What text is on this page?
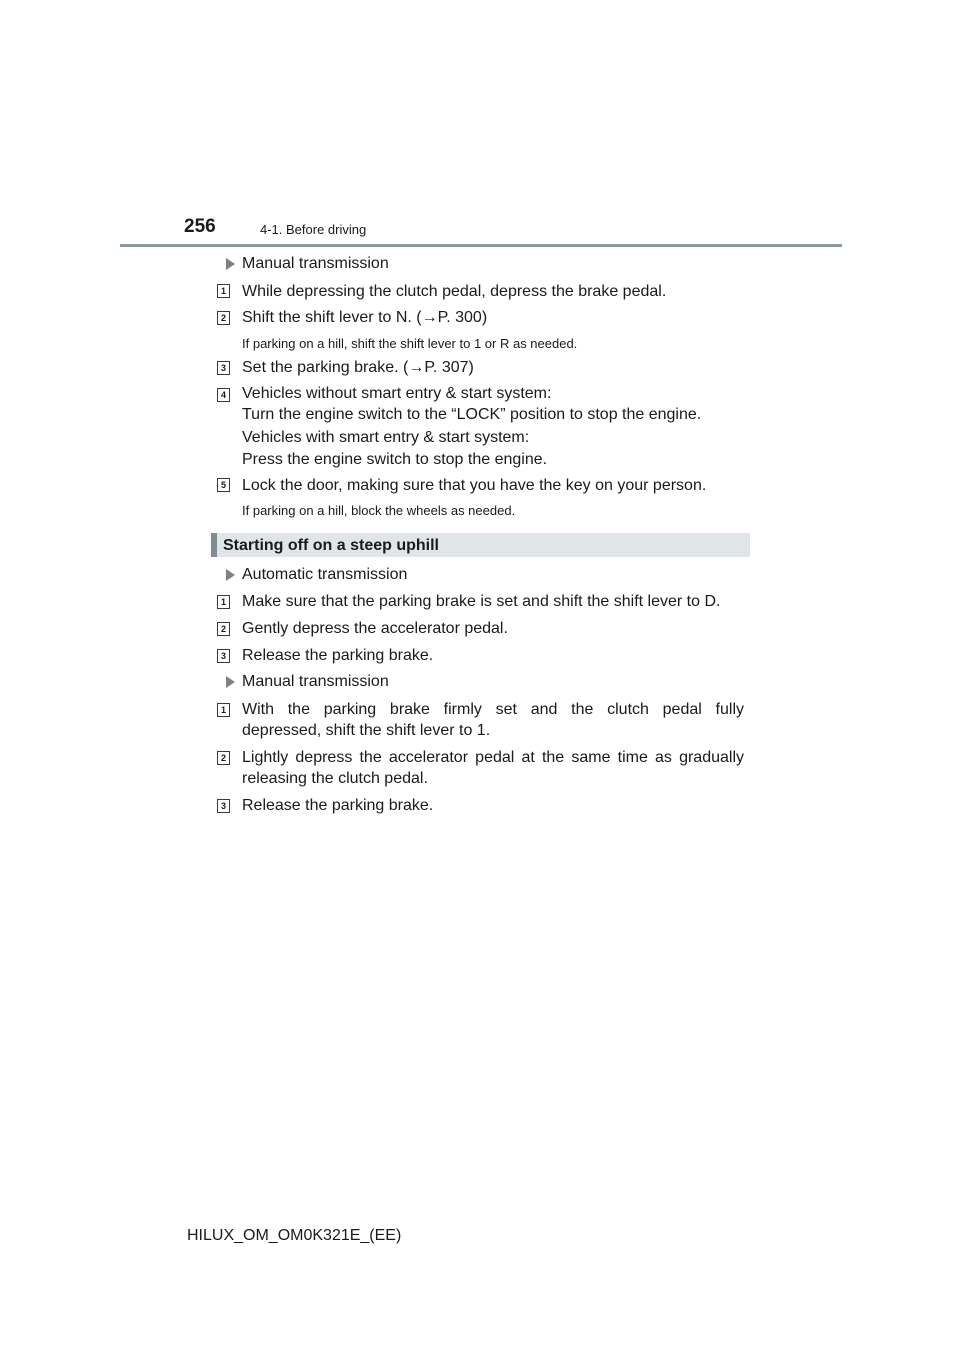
256	4-1. Before driving
Manual transmission
1 While depressing the clutch pedal, depress the brake pedal.
2 Shift the shift lever to N. (→P. 300)
If parking on a hill, shift the shift lever to 1 or R as needed.
3 Set the parking brake. (→P. 307)
4 Vehicles without smart entry & start system:
Turn the engine switch to the “LOCK” position to stop the engine.
Vehicles with smart entry & start system:
Press the engine switch to stop the engine.
5 Lock the door, making sure that you have the key on your person.
If parking on a hill, block the wheels as needed.
Starting off on a steep uphill
Automatic transmission
1 Make sure that the parking brake is set and shift the shift lever to D.
2 Gently depress the accelerator pedal.
3 Release the parking brake.
Manual transmission
1 With the parking brake firmly set and the clutch pedal fully
depressed, shift the shift lever to 1.
2 Lightly depress the accelerator pedal at the same time as gradually
releasing the clutch pedal.
3 Release the parking brake.
HILUX_OM_OM0K321E_(EE)
